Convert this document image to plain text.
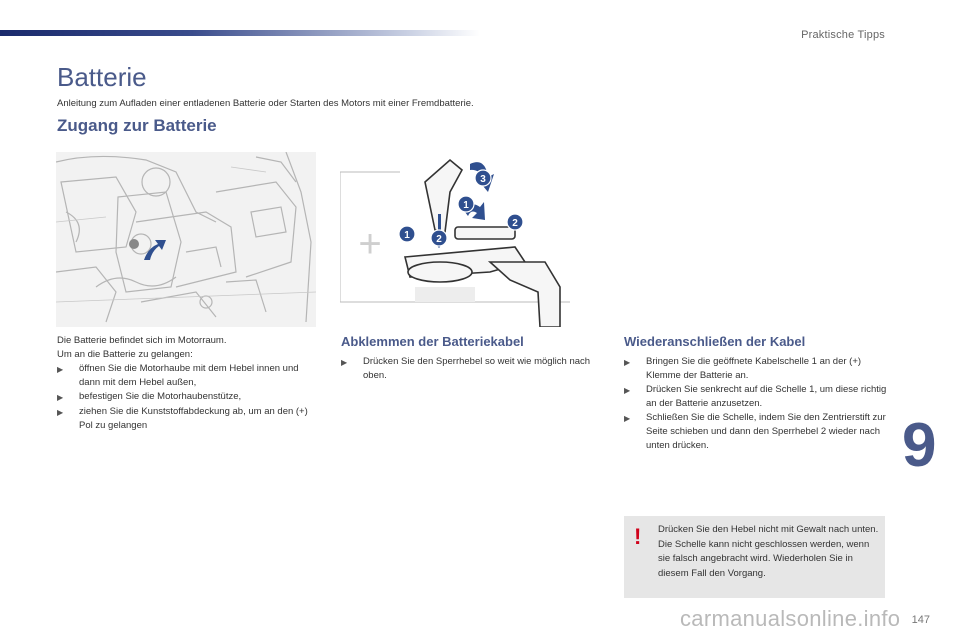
Praktische Tipps
Batterie
Anleitung zum Aufladen einer entladenen Batterie oder Starten des Motors mit einer Fremdbatterie.
Zugang zur Batterie
1	2
2
1
3
+
Die Batterie befindet sich im Motorraum.
Um an die Batterie zu gelangen:
▶	öffnen Sie die Motorhaube mit dem Hebel innen und dann mit dem Hebel außen,
▶	befestigen Sie die Motorhaubenstütze,
▶	ziehen Sie die Kunststoffabdeckung ab, um an den (+) Pol zu gelangen
Abklemmen der Batteriekabel
▶	Drücken Sie den Sperrhebel so weit wie möglich nach oben.
Wiederanschließen der Kabel
▶	Bringen Sie die geöffnete Kabelschelle 1 an der (+) Klemme der Batterie an.
▶	Drücken Sie senkrecht auf die Schelle 1, um diese richtig an der Batterie anzusetzen.
▶	Schließen Sie die Schelle, indem Sie den Zentrierstift zur Seite schieben und dann den Sperrhebel 2 wieder nach unten drücken.	9
! Drücken Sie den Hebel nicht mit Gewalt nach unten. Die Schelle kann nicht geschlossen werden, wenn sie falsch angebracht wird. Wiederholen Sie in diesem Fall den Vorgang.
carmanualsonline.info 147
